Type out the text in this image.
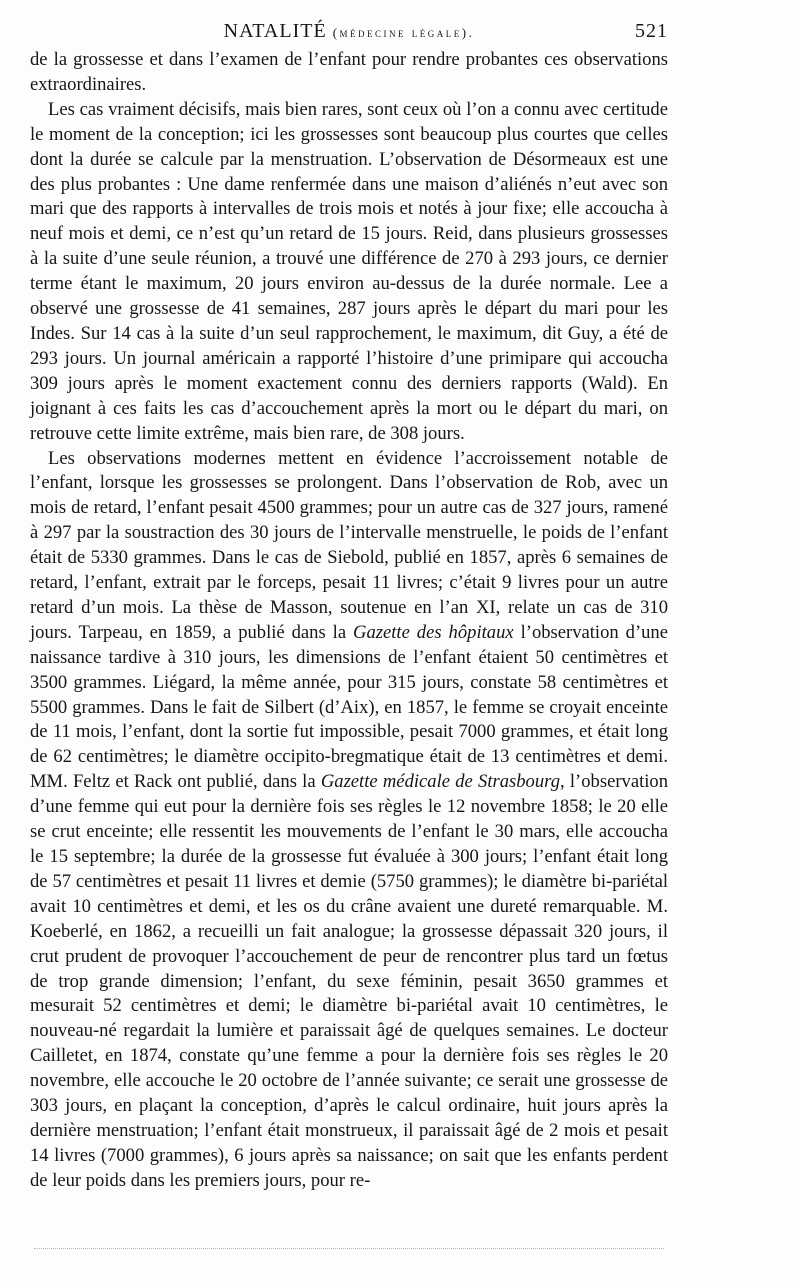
NATALITÉ (médecine légale).	521

de la grossesse et dans l’examen de l’enfant pour rendre probantes ces observations extraordinaires.

Les cas vraiment décisifs, mais bien rares, sont ceux où l’on a connu avec certitude le moment de la conception; ici les grossesses sont beaucoup plus courtes que celles dont la durée se calcule par la menstruation. L’observation de Désormeaux est une des plus probantes : Une dame renfermée dans une maison d’aliénés n’eut avec son mari que des rapports à intervalles de trois mois et notés à jour fixe; elle accoucha à neuf mois et demi, ce n’est qu’un retard de 15 jours. Reid, dans plusieurs grossesses à la suite d’une seule réunion, a trouvé une différence de 270 à 293 jours, ce dernier terme étant le maximum, 20 jours environ au-dessus de la durée normale. Lee a observé une grossesse de 41 semaines, 287 jours après le départ du mari pour les Indes. Sur 14 cas à la suite d’un seul rapprochement, le maximum, dit Guy, a été de 293 jours. Un journal américain a rapporté l’histoire d’une primipare qui accoucha 309 jours après le moment exactement connu des derniers rapports (Wald). En joignant à ces faits les cas d’accouchement après la mort ou le départ du mari, on retrouve cette limite extrême, mais bien rare, de 308 jours.

Les observations modernes mettent en évidence l’accroissement notable de l’enfant, lorsque les grossesses se prolongent. Dans l’observation de Rob, avec un mois de retard, l’enfant pesait 4500 grammes; pour un autre cas de 327 jours, ramené à 297 par la soustraction des 30 jours de l’intervalle menstruelle, le poids de l’enfant était de 5330 grammes. Dans le cas de Siebold, publié en 1857, après 6 semaines de retard, l’enfant, extrait par le forceps, pesait 11 livres; c’était 9 livres pour un autre retard d’un mois. La thèse de Masson, soutenue en l’an XI, relate un cas de 310 jours. Tarpeau, en 1859, a publié dans la Gazette des hôpitaux l’observation d’une naissance tardive à 310 jours, les dimensions de l’enfant étaient 50 centimètres et 3500 grammes. Liégard, la même année, pour 315 jours, constate 58 centimètres et 5500 grammes. Dans le fait de Silbert (d’Aix), en 1857, le femme se croyait enceinte de 11 mois, l’enfant, dont la sortie fut impossible, pesait 7000 grammes, et était long de 62 centimètres; le diamètre occipito-bregmatique était de 13 centimètres et demi. MM. Feltz et Rack ont publié, dans la Gazette médicale de Strasbourg, l’observation d’une femme qui eut pour la dernière fois ses règles le 12 novembre 1858; le 20 elle se crut enceinte; elle ressentit les mouvements de l’enfant le 30 mars, elle accoucha le 15 septembre; la durée de la grossesse fut évaluée à 300 jours; l’enfant était long de 57 centimètres et pesait 11 livres et demie (5750 grammes); le diamètre bi-pariétal avait 10 centimètres et demi, et les os du crâne avaient une dureté remarquable. M. Koeberlé, en 1862, a recueilli un fait analogue; la grossesse dépassait 320 jours, il crut prudent de provoquer l’accouchement de peur de rencontrer plus tard un fœtus de trop grande dimension; l’enfant, du sexe féminin, pesait 3650 grammes et mesurait 52 centimètres et demi; le diamètre bi-pariétal avait 10 centimètres, le nouveau-né regardait la lumière et paraissait âgé de quelques semaines. Le docteur Cailletet, en 1874, constate qu’une femme a pour la dernière fois ses règles le 20 novembre, elle accouche le 20 octobre de l’année suivante; ce serait une grossesse de 303 jours, en plaçant la conception, d’après le calcul ordinaire, huit jours après la dernière menstruation; l’enfant était monstrueux, il paraissait âgé de 2 mois et pesait 14 livres (7000 grammes), 6 jours après sa naissance; on sait que les enfants perdent de leur poids dans les premiers jours, pour re-
